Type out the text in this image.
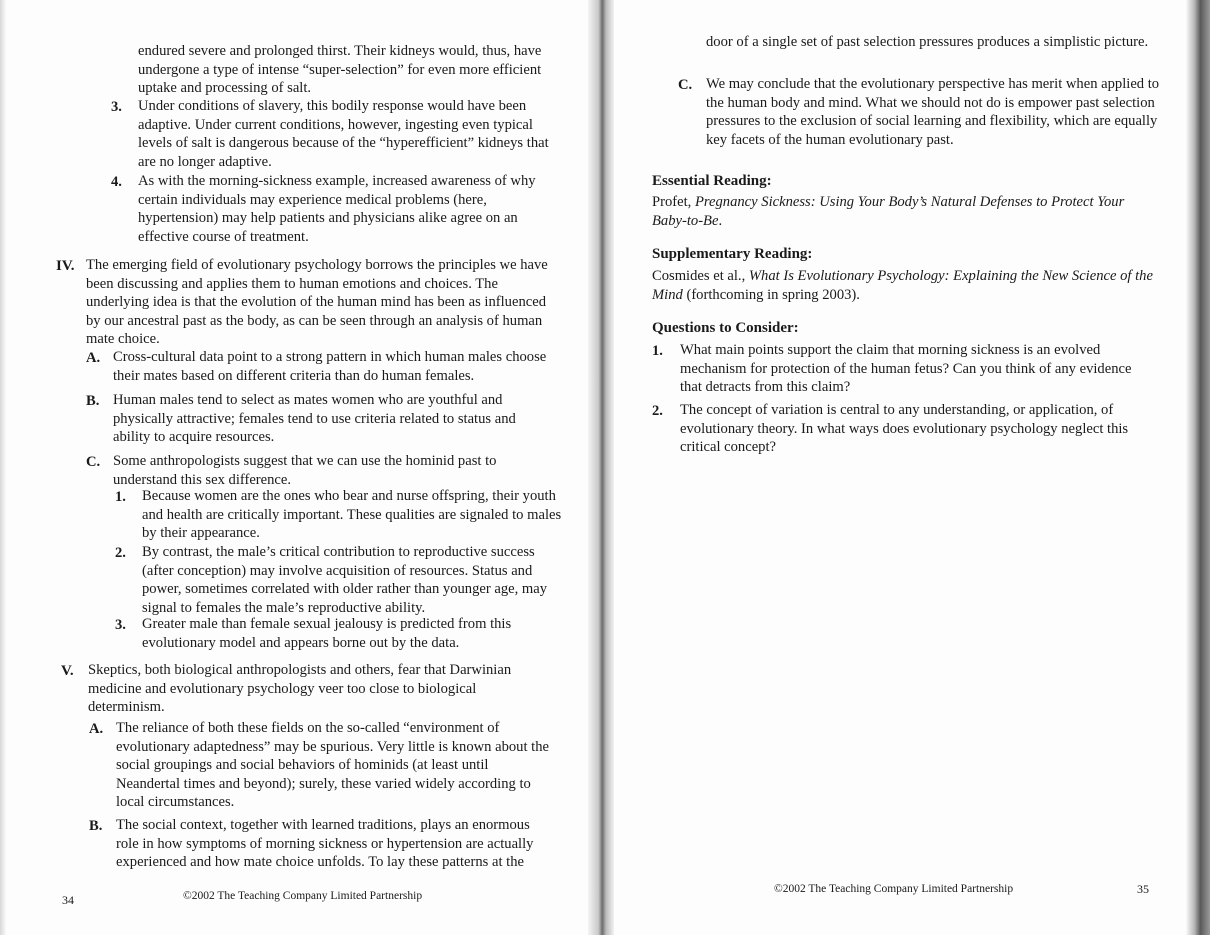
endured severe and prolonged thirst. Their kidneys would, thus, have undergone a type of intense “super-selection” for even more efficient uptake and processing of salt.
3. Under conditions of slavery, this bodily response would have been adaptive. Under current conditions, however, ingesting even typical levels of salt is dangerous because of the “hyperefficient” kidneys that are no longer adaptive.
4. As with the morning-sickness example, increased awareness of why certain individuals may experience medical problems (here, hypertension) may help patients and physicians alike agree on an effective course of treatment.
IV. The emerging field of evolutionary psychology borrows the principles we have been discussing and applies them to human emotions and choices. The underlying idea is that the evolution of the human mind has been as influenced by our ancestral past as the body, as can be seen through an analysis of human mate choice.
A. Cross-cultural data point to a strong pattern in which human males choose their mates based on different criteria than do human females.
B. Human males tend to select as mates women who are youthful and physically attractive; females tend to use criteria related to status and ability to acquire resources.
C. Some anthropologists suggest that we can use the hominid past to understand this sex difference.
1. Because women are the ones who bear and nurse offspring, their youth and health are critically important. These qualities are signaled to males by their appearance.
2. By contrast, the male’s critical contribution to reproductive success (after conception) may involve acquisition of resources. Status and power, sometimes correlated with older rather than younger age, may signal to females the male’s reproductive ability.
3. Greater male than female sexual jealousy is predicted from this evolutionary model and appears borne out by the data.
V. Skeptics, both biological anthropologists and others, fear that Darwinian medicine and evolutionary psychology veer too close to biological determinism.
A. The reliance of both these fields on the so-called “environment of evolutionary adaptedness” may be spurious. Very little is known about the social groupings and social behaviors of hominids (at least until Neandertal times and beyond); surely, these varied widely according to local circumstances.
B. The social context, together with learned traditions, plays an enormous role in how symptoms of morning sickness or hypertension are actually experienced and how mate choice unfolds. To lay these patterns at the
34	©2002 The Teaching Company Limited Partnership
door of a single set of past selection pressures produces a simplistic picture.
C. We may conclude that the evolutionary perspective has merit when applied to the human body and mind. What we should not do is empower past selection pressures to the exclusion of social learning and flexibility, which are equally key facets of the human evolutionary past.
Essential Reading:
Profet, Pregnancy Sickness: Using Your Body’s Natural Defenses to Protect Your Baby-to-Be.
Supplementary Reading:
Cosmides et al., What Is Evolutionary Psychology: Explaining the New Science of the Mind (forthcoming in spring 2003).
Questions to Consider:
1. What main points support the claim that morning sickness is an evolved mechanism for protection of the human fetus? Can you think of any evidence that detracts from this claim?
2. The concept of variation is central to any understanding, or application, of evolutionary theory. In what ways does evolutionary psychology neglect this critical concept?
©2002 The Teaching Company Limited Partnership	35
